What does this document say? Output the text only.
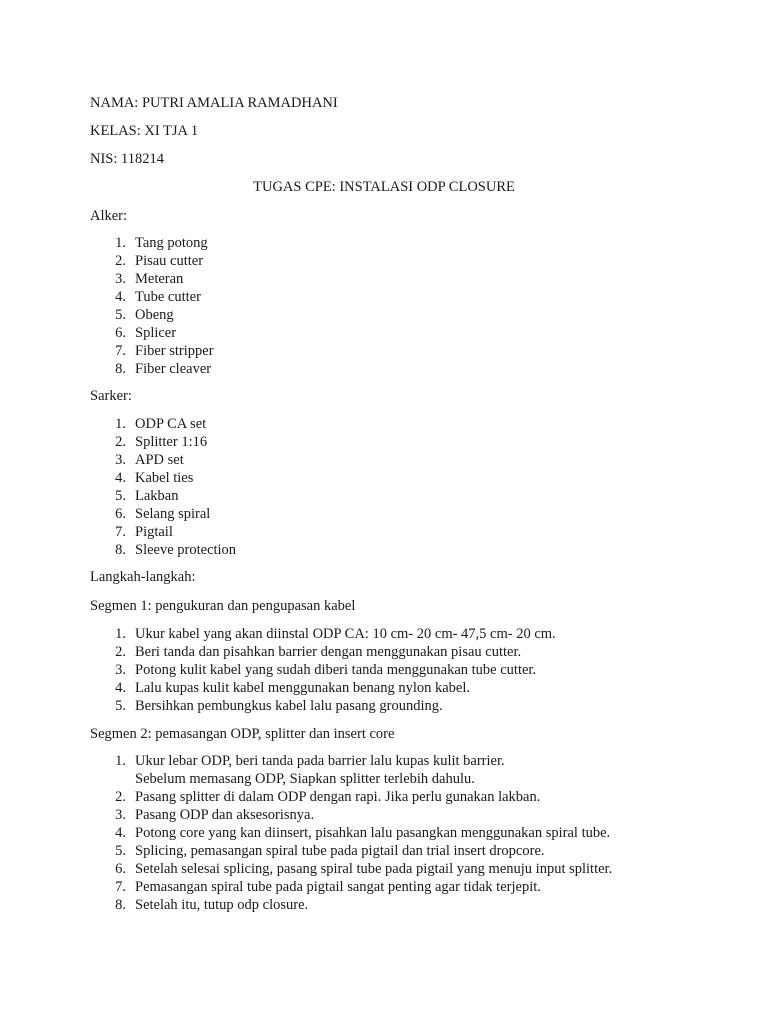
NAMA: PUTRI AMALIA RAMADHANI
KELAS: XI TJA 1
NIS: 118214
TUGAS CPE: INSTALASI ODP CLOSURE
Alker:
1. Tang potong
2. Pisau cutter
3. Meteran
4. Tube cutter
5. Obeng
6. Splicer
7. Fiber stripper
8. Fiber cleaver
Sarker:
1. ODP CA set
2. Splitter 1:16
3. APD set
4. Kabel ties
5. Lakban
6. Selang spiral
7. Pigtail
8. Sleeve protection
Langkah-langkah:
Segmen 1: pengukuran dan pengupasan kabel
1. Ukur kabel yang akan diinstal ODP CA: 10 cm- 20 cm- 47,5 cm- 20 cm.
2. Beri tanda dan pisahkan barrier dengan menggunakan pisau cutter.
3. Potong kulit kabel yang sudah diberi tanda menggunakan tube cutter.
4. Lalu kupas kulit kabel menggunakan benang nylon kabel.
5. Bersihkan pembungkus kabel lalu pasang grounding.
Segmen 2: pemasangan ODP, splitter dan insert core
1. Ukur lebar ODP, beri tanda pada barrier lalu kupas kulit barrier.
Sebelum memasang ODP, Siapkan splitter terlebih dahulu.
2. Pasang splitter di dalam ODP dengan rapi. Jika perlu gunakan lakban.
3. Pasang ODP dan aksesorisnya.
4. Potong core yang kan diinsert, pisahkan lalu pasangkan menggunakan spiral tube.
5. Splicing, pemasangan spiral tube pada pigtail dan trial insert dropcore.
6. Setelah selesai splicing, pasang spiral tube pada pigtail yang menuju input splitter.
7. Pemasangan spiral tube pada pigtail sangat penting agar tidak terjepit.
8. Setelah itu, tutup odp closure.
